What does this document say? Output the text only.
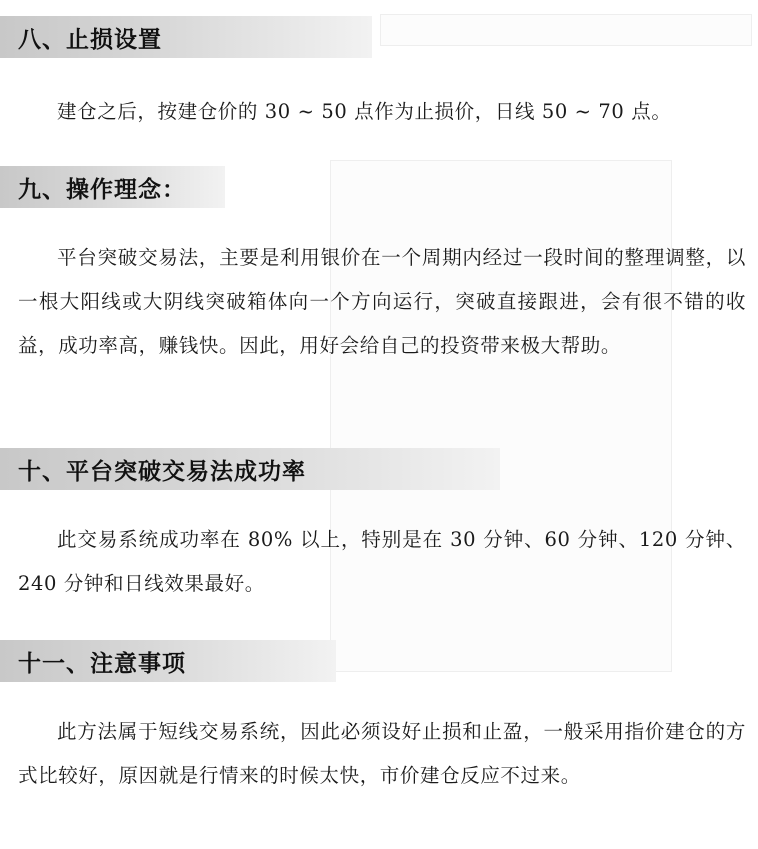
八、止损设置

建仓之后，按建仓价的 30 ~ 50 点作为止损价，日线 50 ~ 70 点。

九、操作理念：

平台突破交易法，主要是利用银价在一个周期内经过一段时间的整理调整，以一根大阳线或大阴线突破箱体向一个方向运行，突破直接跟进，会有很不错的收益，成功率高，赚钱快。因此，用好会给自己的投资带来极大帮助。

十、平台突破交易法成功率

此交易系统成功率在 80% 以上，特别是在 30 分钟、60 分钟、120 分钟、240 分钟和日线效果最好。

十一、注意事项

此方法属于短线交易系统，因此必须设好止损和止盈，一般采用指价建仓的方式比较好，原因就是行情来的时候太快，市价建仓反应不过来。
